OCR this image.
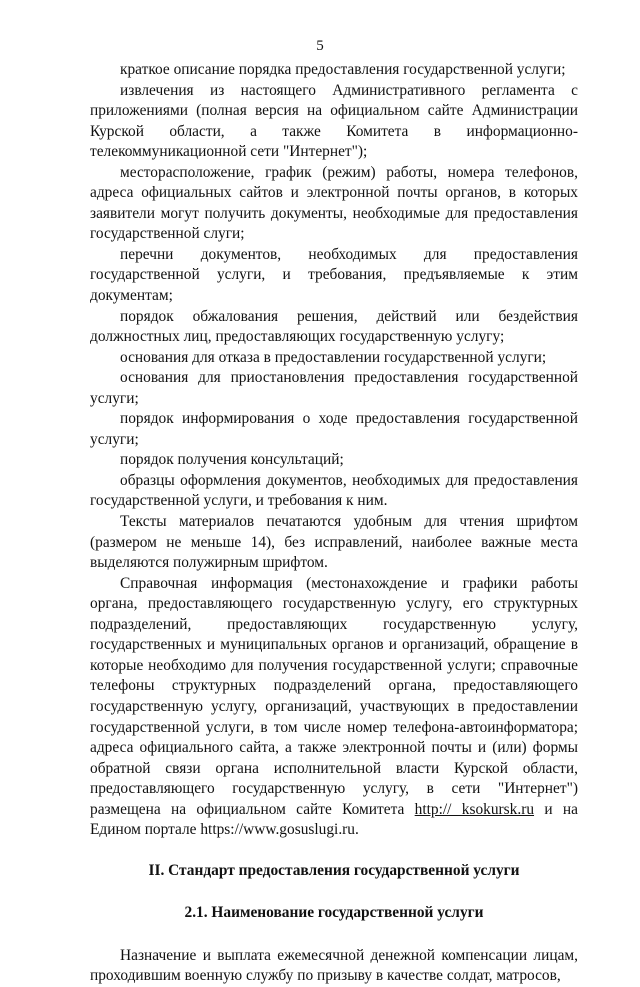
5

краткое описание порядка предоставления государственной услуги;

извлечения из настоящего Административного регламента с приложениями (полная версия на официальном сайте Администрации Курской области, а также Комитета в информационно-телекоммуникационной сети "Интернет");

месторасположение, график (режим) работы, номера телефонов, адреса официальных сайтов и электронной почты органов, в которых заявители могут получить документы, необходимые для предоставления государственной слуги;

перечни документов, необходимых для предоставления государственной услуги, и требования, предъявляемые к этим документам;

порядок обжалования решения, действий или бездействия должностных лиц, предоставляющих государственную услугу;

основания для отказа в предоставлении государственной услуги;

основания для приостановления предоставления государственной услуги;

порядок информирования о ходе предоставления государственной услуги;

порядок получения консультаций;

образцы оформления документов, необходимых для предоставления государственной услуги, и требования к ним.

Тексты материалов печатаются удобным для чтения шрифтом (размером не меньше 14), без исправлений, наиболее важные места выделяются полужирным шрифтом.

Справочная информация (местонахождение и графики работы органа, предоставляющего государственную услугу, его структурных подразделений, предоставляющих государственную услугу, государственных и муниципальных органов и организаций, обращение в которые необходимо для получения государственной услуги; справочные телефоны структурных подразделений органа, предоставляющего государственную услугу, организаций, участвующих в предоставлении государственной услуги, в том числе номер телефона-автоинформатора; адреса официального сайта, а также электронной почты и (или) формы обратной связи органа исполнительной власти Курской области, предоставляющего государственную услугу, в сети "Интернет") размещена на официальном сайте Комитета http:// ksokursk.ru и на Едином портале https://www.gosuslugi.ru.

II. Стандарт предоставления государственной услуги

2.1. Наименование государственной услуги

Назначение и выплата ежемесячной денежной компенсации лицам, проходившим военную службу по призыву в качестве солдат, матросов,
